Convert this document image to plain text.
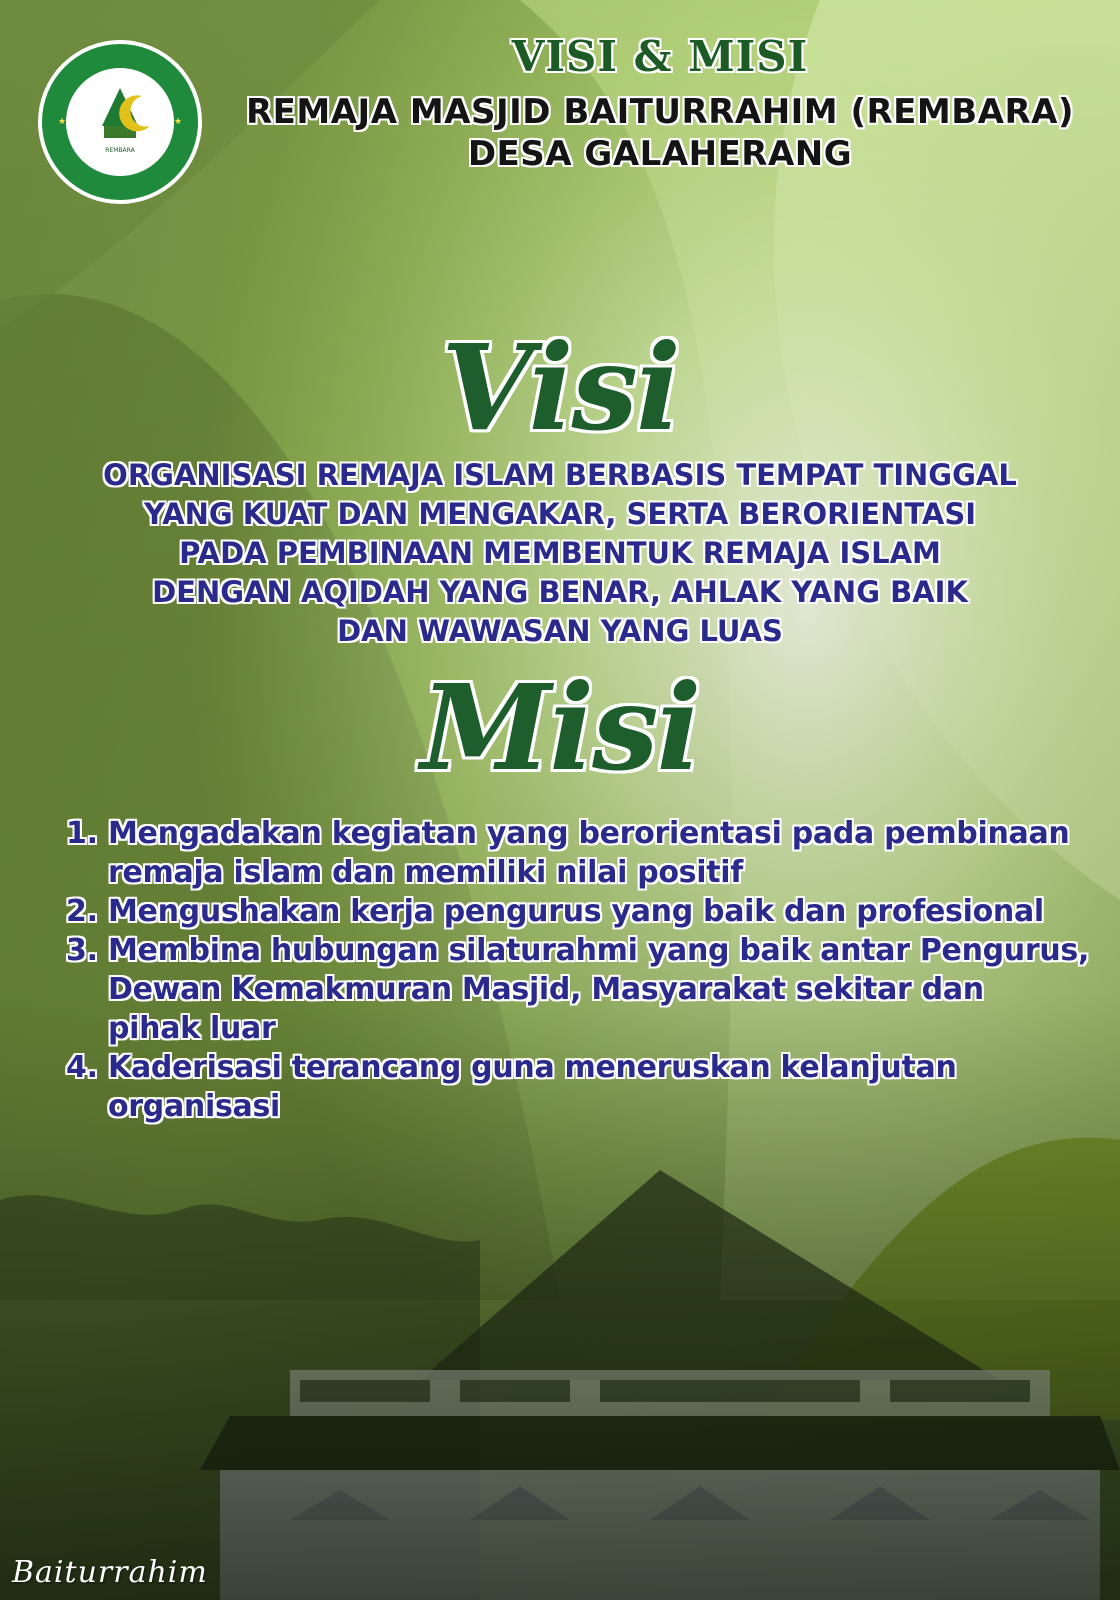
★	★
REMBARA
VISI & MISI
REMAJA MASJID BAITURRAHIM (REMBARA)
DESA GALAHERANG
Visi
ORGANISASI REMAJA ISLAM BERBASIS TEMPAT TINGGAL
YANG KUAT DAN MENGAKAR, SERTA BERORIENTASI
PADA PEMBINAAN MEMBENTUK REMAJA ISLAM
DENGAN AQIDAH YANG BENAR, AHLAK YANG BAIK
DAN WAWASAN YANG LUAS
Misi
1. Mengadakan kegiatan yang berorientasi pada pembinaan
remaja islam dan memiliki nilai positif
2. Mengushakan kerja pengurus yang baik dan profesional
3. Membina hubungan silaturahmi yang baik antar Pengurus,
Dewan Kemakmuran Masjid, Masyarakat sekitar dan
pihak luar
4. Kaderisasi terancang guna meneruskan kelanjutan
organisasi
Baiturrahim
